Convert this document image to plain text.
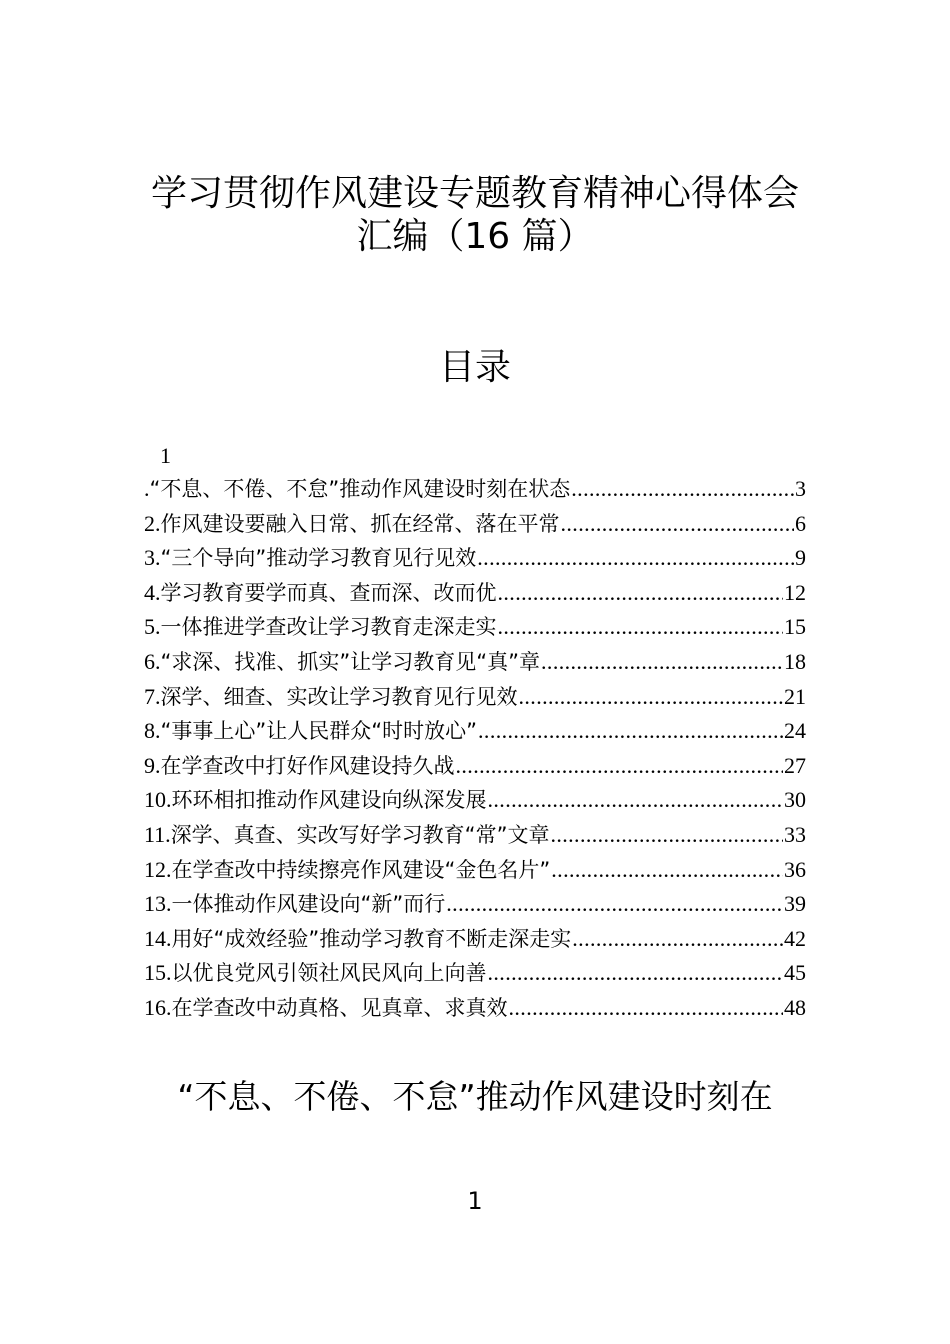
学习贯彻作风建设专题教育精神心得体会
汇编（16 篇）
目录
1
. “不息、不倦、不怠”推动作风建设时刻在状态 .....	3
2. 作风建设要融入日常、抓在经常、落在平常 .....	6
3. “三个导向”推动学习教育见行见效 .....	9
4. 学习教育要学而真、查而深、改而优 .....	12
5. 一体推进学查改让学习教育走深走实 .....	15
6. “求深、找准、抓实”让学习教育见“真”章 .....	18
7. 深学、细查、实改让学习教育见行见效 .....	21
8. “事事上心”让人民群众“时时放心” .....	24
9. 在学查改中打好作风建设持久战 .....	27
10. 环环相扣推动作风建设向纵深发展 .....	30
11. 深学、真查、实改写好学习教育“常”文章 .....	33
12. 在学查改中持续擦亮作风建设“金色名片” .....	36
13. 一体推动作风建设向“新”而行 .....	39
14. 用好“成效经验”推动学习教育不断走深走实 .....	42
15. 以优良党风引领社风民风向上向善 .....	45
16. 在学查改中动真格、见真章、求真效 .....	48
“不息、不倦、不怠”推动作风建设时刻在
1
